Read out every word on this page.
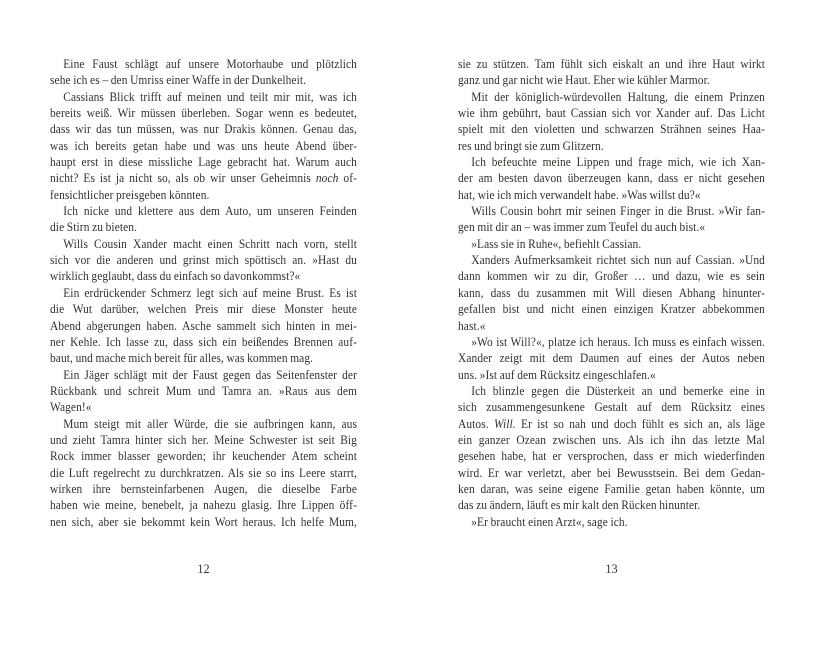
Eine Faust schlägt auf unsere Motorhaube und plötzlich
sehe ich es – den Umriss einer Waffe in der Dunkelheit.
Cassians Blick trifft auf meinen und teilt mir mit, was ich
bereits weiß. Wir müssen überleben. Sogar wenn es bedeutet,
dass wir das tun müssen, was nur Drakis können. Genau das,
was ich bereits getan habe und was uns heute Abend über-
haupt erst in diese missliche Lage gebracht hat. Warum auch
nicht? Es ist ja nicht so, als ob wir unser Geheimnis noch of-
fensichtlicher preisgeben könnten.
Ich nicke und klettere aus dem Auto, um unseren Feinden
die Stirn zu bieten.
Wills Cousin Xander macht einen Schritt nach vorn, stellt
sich vor die anderen und grinst mich spöttisch an. »Hast du
wirklich geglaubt, dass du einfach so davonkommst?«
Ein erdrückender Schmerz legt sich auf meine Brust. Es ist
die Wut darüber, welchen Preis mir diese Monster heute
Abend abgerungen haben. Asche sammelt sich hinten in mei-
ner Kehle. Ich lasse zu, dass sich ein beißendes Brennen auf-
baut, und mache mich bereit für alles, was kommen mag.
Ein Jäger schlägt mit der Faust gegen das Seitenfenster der
Rückbank und schreit Mum und Tamra an. »Raus aus dem
Wagen!«
Mum steigt mit aller Würde, die sie aufbringen kann, aus
und zieht Tamra hinter sich her. Meine Schwester ist seit Big
Rock immer blasser geworden; ihr keuchender Atem scheint
die Luft regelrecht zu durchkratzen. Als sie so ins Leere starrt,
wirken ihre bernsteinfarbenen Augen, die dieselbe Farbe
haben wie meine, benebelt, ja nahezu glasig. Ihre Lippen öff-
nen sich, aber sie bekommt kein Wort heraus. Ich helfe Mum,
sie zu stützen. Tam fühlt sich eiskalt an und ihre Haut wirkt
ganz und gar nicht wie Haut. Eher wie kühler Marmor.
Mit der königlich-würdevollen Haltung, die einem Prinzen
wie ihm gebührt, baut Cassian sich vor Xander auf. Das Licht
spielt mit den violetten und schwarzen Strähnen seines Haa-
res und bringt sie zum Glitzern.
Ich befeuchte meine Lippen und frage mich, wie ich Xan-
der am besten davon überzeugen kann, dass er nicht gesehen
hat, wie ich mich verwandelt habe. »Was willst du?«
Wills Cousin bohrt mir seinen Finger in die Brust. »Wir fan-
gen mit dir an – was immer zum Teufel du auch bist.«
»Lass sie in Ruhe«, befiehlt Cassian.
Xanders Aufmerksamkeit richtet sich nun auf Cassian. »Und
dann kommen wir zu dir, Großer … und dazu, wie es sein
kann, dass du zusammen mit Will diesen Abhang hinunter-
gefallen bist und nicht einen einzigen Kratzer abbekommen
hast.«
»Wo ist Will?«, platze ich heraus. Ich muss es einfach wissen.
Xander zeigt mit dem Daumen auf eines der Autos neben
uns. »Ist auf dem Rücksitz eingeschlafen.«
Ich blinzle gegen die Düsterkeit an und bemerke eine in
sich zusammengesunkene Gestalt auf dem Rücksitz eines
Autos. Will. Er ist so nah und doch fühlt es sich an, als läge
ein ganzer Ozean zwischen uns. Als ich ihn das letzte Mal
gesehen habe, hat er versprochen, dass er mich wiederfinden
wird. Er war verletzt, aber bei Bewusstsein. Bei dem Gedan-
ken daran, was seine eigene Familie getan haben könnte, um
das zu ändern, läuft es mir kalt den Rücken hinunter.
»Er braucht einen Arzt«, sage ich.
12	13
